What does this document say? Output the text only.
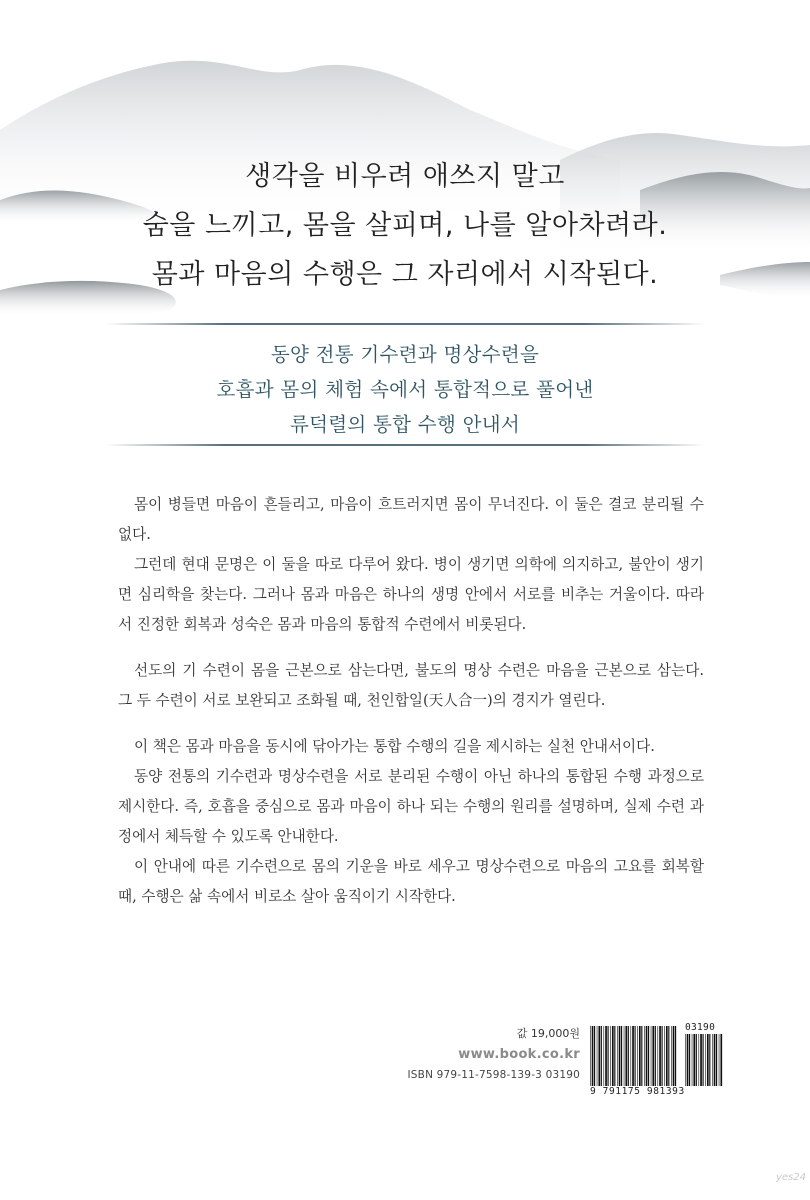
생각을 비우려 애쓰지 말고
숨을 느끼고, 몸을 살피며, 나를 알아차려라.
몸과 마음의 수행은 그 자리에서 시작된다.
동양 전통 기수련과 명상수련을
호흡과 몸의 체험 속에서 통합적으로 풀어낸
류덕렬의 통합 수행 안내서

몸이 병들면 마음이 흔들리고, 마음이 흐트러지면 몸이 무너진다. 이 둘은 결코 분리될 수 없다.

그런데 현대 문명은 이 둘을 따로 다루어 왔다. 병이 생기면 의학에 의지하고, 불안이 생기면 심리학을 찾는다. 그러나 몸과 마음은 하나의 생명 안에서 서로를 비추는 거울이다. 따라서 진정한 회복과 성숙은 몸과 마음의 통합적 수련에서 비롯된다.

선도의 기 수련이 몸을 근본으로 삼는다면, 불도의 명상 수련은 마음을 근본으로 삼는다. 그 두 수련이 서로 보완되고 조화될 때, 천인합일(天人合一)의 경지가 열린다.

이 책은 몸과 마음을 동시에 닦아가는 통합 수행의 길을 제시하는 실천 안내서이다.

동양 전통의 기수련과 명상수련을 서로 분리된 수행이 아닌 하나의 통합된 수행 과정으로 제시한다. 즉, 호흡을 중심으로 몸과 마음이 하나 되는 수행의 원리를 설명하며, 실제 수련 과정에서 체득할 수 있도록 안내한다.

이 안내에 따른 기수련으로 몸의 기운을 바로 세우고 명상수련으로 마음의 고요를 회복할 때, 수행은 삶 속에서 비로소 살아 움직이기 시작한다.

값 19,000원
www.book.co.kr
ISBN 979-11-7598-139-3 03190
03190
9 791175 981393
yes24
